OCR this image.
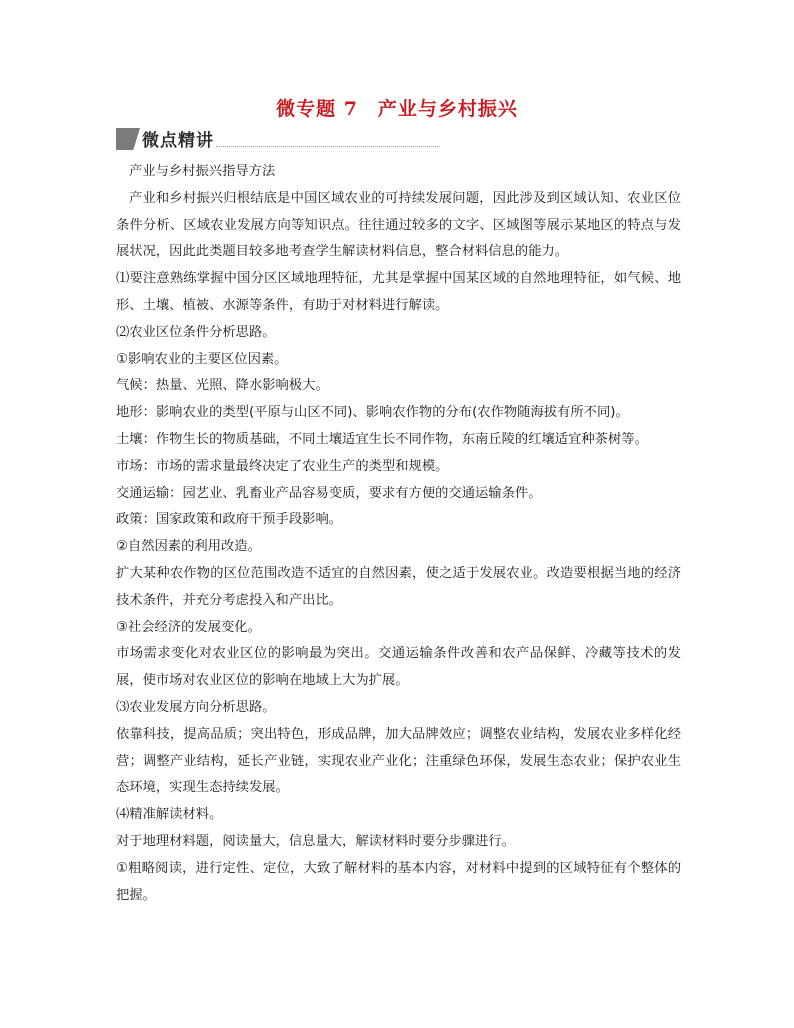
微专题 7　产业与乡村振兴
微点精讲

产业与乡村振兴指导方法

产业和乡村振兴归根结底是中国区域农业的可持续发展问题，因此涉及到区域认知、农业区位条件分析、区域农业发展方向等知识点。往往通过较多的文字、区域图等展示某地区的特点与发展状况，因此此类题目较多地考查学生解读材料信息，整合材料信息的能力。

⑴要注意熟练掌握中国分区区域地理特征，尤其是掌握中国某区域的自然地理特征，如气候、地形、土壤、植被、水源等条件，有助于对材料进行解读。

⑵农业区位条件分析思路。

①影响农业的主要区位因素。

气候：热量、光照、降水影响极大。

地形：影响农业的类型(平原与山区不同)、影响农作物的分布(农作物随海拔有所不同)。

土壤：作物生长的物质基础，不同土壤适宜生长不同作物，东南丘陵的红壤适宜种茶树等。

市场：市场的需求量最终决定了农业生产的类型和规模。

交通运输：园艺业、乳畜业产品容易变质，要求有方便的交通运输条件。

政策：国家政策和政府干预手段影响。

②自然因素的利用改造。

扩大某种农作物的区位范围改造不适宜的自然因素，使之适于发展农业。改造要根据当地的经济技术条件，并充分考虑投入和产出比。

③社会经济的发展变化。

市场需求变化对农业区位的影响最为突出。交通运输条件改善和农产品保鲜、冷藏等技术的发展，使市场对农业区位的影响在地域上大为扩展。

⑶农业发展方向分析思路。

依靠科技，提高品质；突出特色，形成品牌，加大品牌效应；调整农业结构，发展农业多样化经营；调整产业结构，延长产业链，实现农业产业化；注重绿色环保，发展生态农业；保护农业生态环境，实现生态持续发展。

⑷精准解读材料。

对于地理材料题，阅读量大，信息量大，解读材料时要分步骤进行。

①粗略阅读，进行定性、定位，大致了解材料的基本内容，对材料中提到的区域特征有个整体的把握。
